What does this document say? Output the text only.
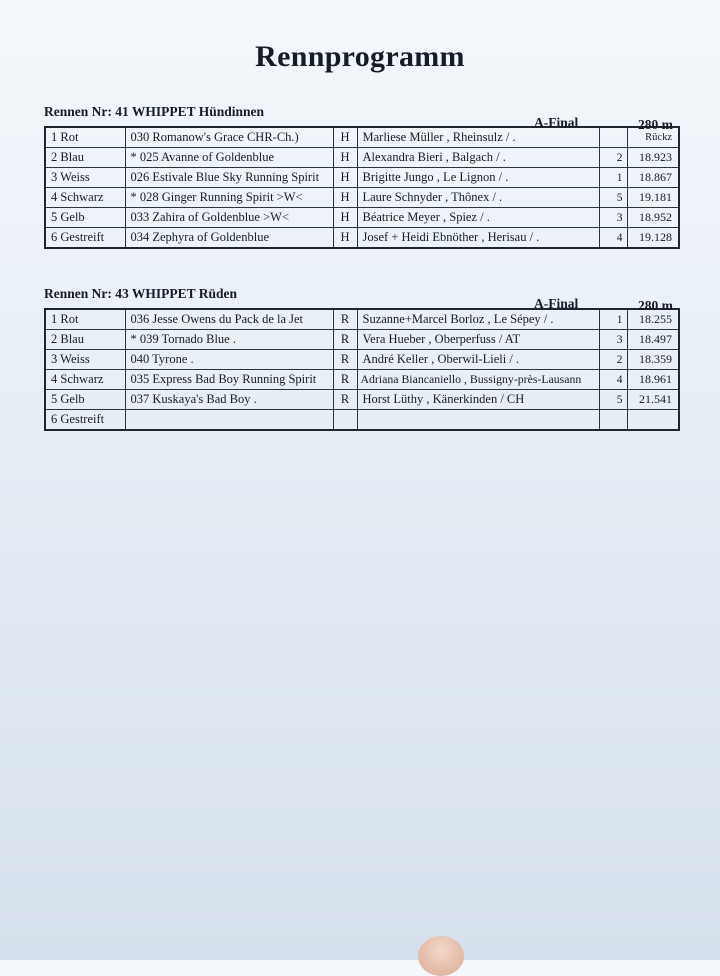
Rennprogramm
Rennen Nr: 41 WHIPPET Hündinnen
A-Final	280 m
1 Rot	030 Romanow's Grace CHR-Ch.)	H	Marliese Müller , Rheinsulz / .		Rückz
2 Blau	* 025 Avanne of Goldenblue	H	Alexandra Bieri , Balgach / .	2	18.923
3 Weiss	026 Estivale Blue Sky Running Spirit	H	Brigitte Jungo , Le Lignon / .	1	18.867
4 Schwarz	* 028 Ginger Running Spirit >W<	H	Laure Schnyder , Thônex / .	5	19.181
5 Gelb	033 Zahira of Goldenblue >W<	H	Béatrice Meyer , Spiez / .	3	18.952
6 Gestreift	034 Zephyra of Goldenblue	H	Josef + Heidi Ebnöther , Herisau / .	4	19.128
Rennen Nr: 43 WHIPPET Rüden
A-Final	280 m
1 Rot	036 Jesse Owens du Pack de la Jet	R	Suzanne+Marcel Borloz , Le Sépey / .	1	18.255
2 Blau	* 039 Tornado Blue .	R	Vera Hueber , Oberperfuss / AT	3	18.497
3 Weiss	040 Tyrone .	R	André Keller , Oberwil-Lieli / .	2	18.359
4 Schwarz	035 Express Bad Boy Running Spirit	R	Adriana Biancaniello , Bussigny-près-Lausann	4	18.961
5 Gelb	037 Kuskaya's Bad Boy .	R	Horst Lüthy , Känerkinden / CH	5	21.541
6 Gestreift					
